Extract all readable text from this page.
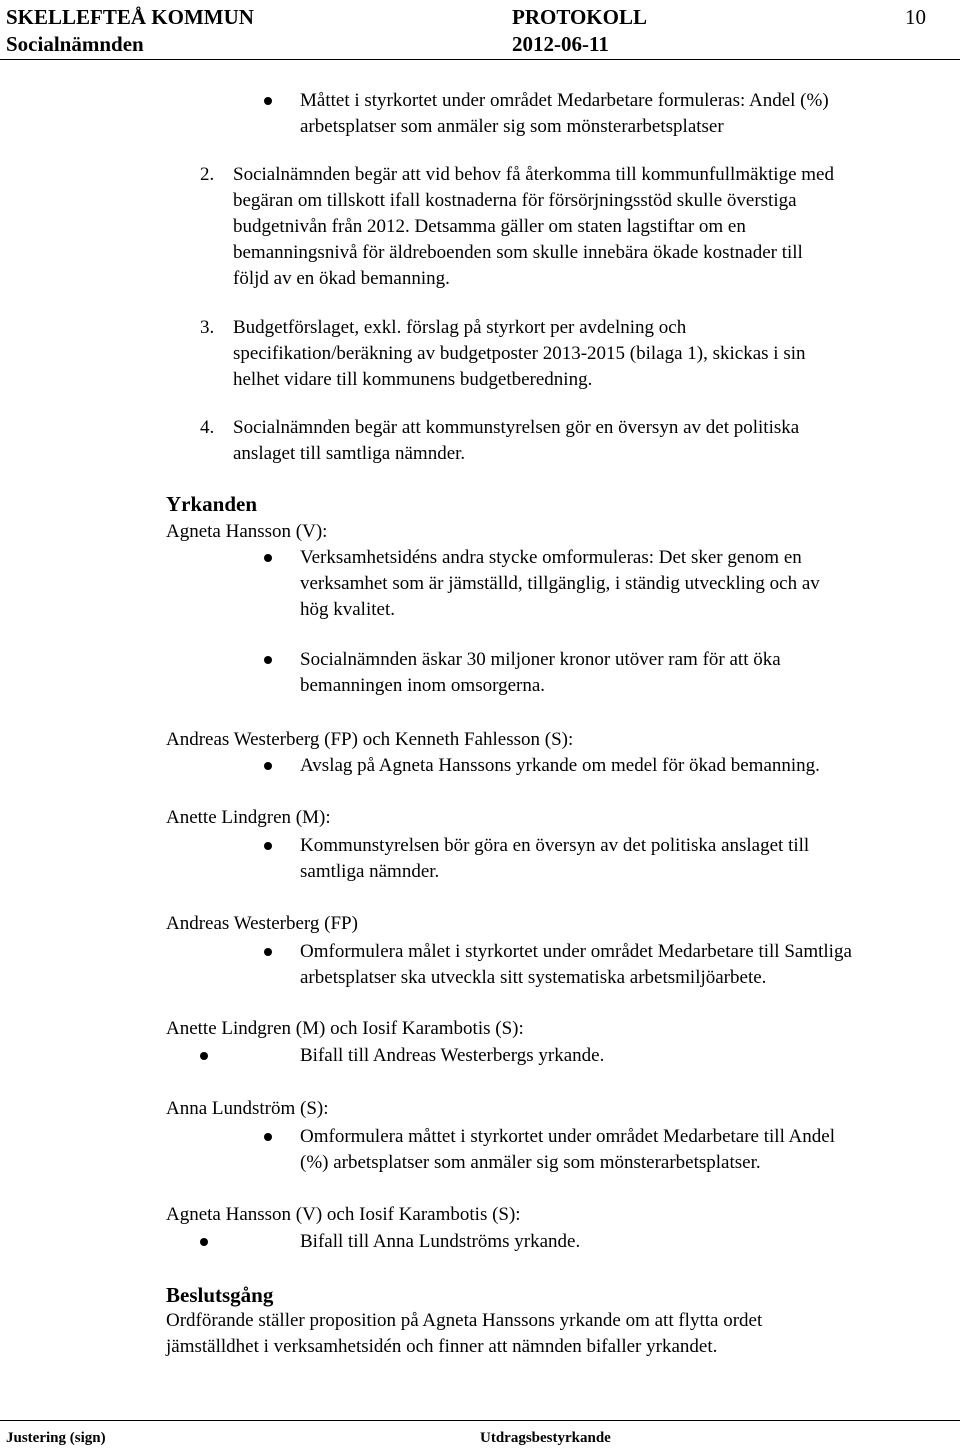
SKELLEFTEÅ KOMMUN
Socialnämnden
PROTOKOLL
2012-06-11
10

Måttet i styrkortet under området Medarbetare formuleras: Andel (%)

arbetsplatser som anmäler sig som mönsterarbetsplatser

2. Socialnämnden begär att vid behov få återkomma till kommunfullmäktige med

begäran om tillskott ifall kostnaderna för försörjningsstöd skulle överstiga

budgetnivån från 2012. Detsamma gäller om staten lagstiftar om en

bemanningsnivå för äldreboenden som skulle innebära ökade kostnader till

följd av en ökad bemanning.

3. Budgetförslaget, exkl. förslag på styrkort per avdelning och

specifikation/beräkning av budgetposter 2013-2015 (bilaga 1), skickas i sin

helhet vidare till kommunens budgetberedning.

4. Socialnämnden begär att kommunstyrelsen gör en översyn av det politiska

anslaget till samtliga nämnder.

Yrkanden

Agneta Hansson (V):

Verksamhetsidéns andra stycke omformuleras: Det sker genom en

verksamhet som är jämställd, tillgänglig, i ständig utveckling och av

hög kvalitet.

Socialnämnden äskar 30 miljoner kronor utöver ram för att öka

bemanningen inom omsorgerna.

Andreas Westerberg (FP) och Kenneth Fahlesson (S):

Avslag på Agneta Hanssons yrkande om medel för ökad bemanning.

Anette Lindgren (M):

Kommunstyrelsen bör göra en översyn av det politiska anslaget till

samtliga nämnder.

Andreas Westerberg (FP)

Omformulera målet i styrkortet under området Medarbetare till Samtliga

arbetsplatser ska utveckla sitt systematiska arbetsmiljöarbete.

Anette Lindgren (M) och Iosif Karambotis (S):

Bifall till Andreas Westerbergs yrkande.

Anna Lundström (S):

Omformulera måttet i styrkortet under området Medarbetare till Andel

(%) arbetsplatser som anmäler sig som mönsterarbetsplatser.

Agneta Hansson (V) och Iosif Karambotis (S):

Bifall till Anna Lundströms yrkande.

Beslutsgång

Ordförande ställer proposition på Agneta Hanssons yrkande om att flytta ordet

jämställdhet i verksamhetsidén och finner att nämnden bifaller yrkandet.

Justering (sign)	Utdragsbestyrkande
